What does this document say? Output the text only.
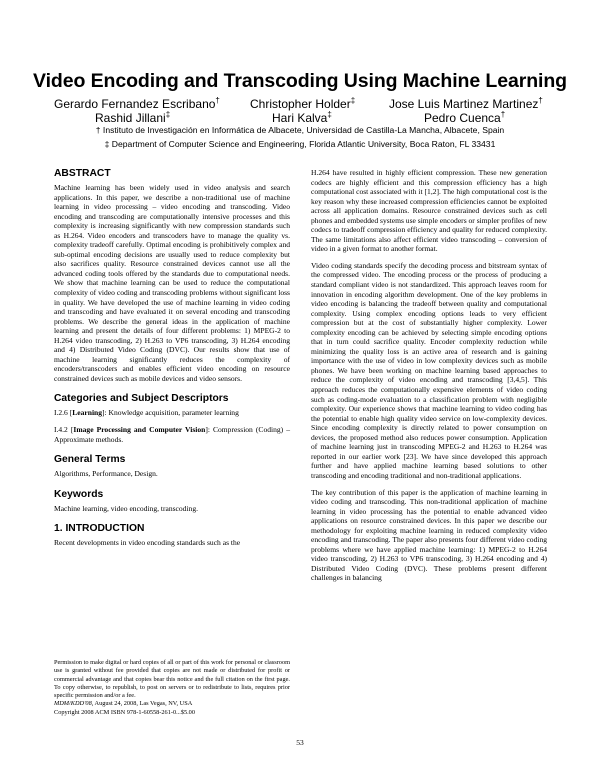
Video Encoding and Transcoding Using Machine Learning
Gerardo Fernandez Escribano†	Christopher Holder‡	Jose Luis Martinez Martinez†
Rashid Jillani‡	Hari Kalva‡	Pedro Cuenca†
† Instituto de Investigación en Informática de Albacete, Universidad de Castilla-La Mancha, Albacete, Spain
‡ Department of Computer Science and Engineering, Florida Atlantic University, Boca Raton, FL 33431
ABSTRACT

Machine learning has been widely used in video analysis and search applications. In this paper, we describe a non-traditional use of machine learning in video processing – video encoding and transcoding. Video encoding and transcoding are computationally intensive processes and this complexity is increasing significantly with new compression standards such as H.264. Video encoders and transcoders have to manage the quality vs. complexity tradeoff carefully. Optimal encoding is prohibitively complex and sub-optimal encoding decisions are usually used to reduce complexity but also sacrifices quality. Resource constrained devices cannot use all the advanced coding tools offered by the standards due to computational needs. We show that machine learning can be used to reduce the computational complexity of video coding and transcoding problems without significant loss in quality. We have developed the use of machine learning in video coding and transcoding and have evaluated it on several encoding and transcoding problems. We describe the general ideas in the application of machine learning and present the details of four different problems: 1) MPEG-2 to H.264 video transcoding, 2) H.263 to VP6 transcoding, 3) H.264 encoding and 4) Distributed Video Coding (DVC). Our results show that use of machine learning significantly reduces the complexity of encoders/transcoders and enables efficient video encoding on resource constrained devices such as mobile devices and video sensors.

Categories and Subject Descriptors

I.2.6 [Learning]: Knowledge acquisition, parameter learning

I.4.2 [Image Processing and Computer Vision]: Compression (Coding) – Approximate methods.

General Terms

Algorithms, Performance, Design.

Keywords

Machine learning, video encoding, transcoding.

1. INTRODUCTION

Recent developments in video encoding standards such as the

Permission to make digital or hard copies of all or part of this work for personal or classroom use is granted without fee provided that copies are not made or distributed for profit or commercial advantage and that copies bear this notice and the full citation on the first page. To copy otherwise, to republish, to post on servers or to redistribute to lists, requires prior specific permission and/or a fee.

MDM/KDD'08, August 24, 2008, Las Vegas, NV, USA

Copyright 2008 ACM ISBN 978-1-60558-261-0...$5.00

H.264 have resulted in highly efficient compression. These new generation codecs are highly efficient and this compression efficiency has a high computational cost associated with it [1,2]. The high computational cost is the key reason why these increased compression efficiencies cannot be exploited across all application domains. Resource constrained devices such as cell phones and embedded systems use simple encoders or simpler profiles of new codecs to tradeoff compression efficiency and quality for reduced complexity. The same limitations also affect efficient video transcoding – conversion of video in a given format to another format.

Video coding standards specify the decoding process and bitstream syntax of the compressed video. The encoding process or the process of producing a standard compliant video is not standardized. This approach leaves room for innovation in encoding algorithm development. One of the key problems in video encoding is balancing the tradeoff between quality and computational complexity. Using complex encoding options leads to very efficient compression but at the cost of substantially higher complexity. Lower complexity encoding can be achieved by selecting simple encoding options that in turn could sacrifice quality. Encoder complexity reduction while minimizing the quality loss is an active area of research and is gaining importance with the use of video in low complexity devices such as mobile phones. We have been working on machine learning based approaches to reduce the complexity of video encoding and transcoding [3,4,5]. This approach reduces the computationally expensive elements of video coding such as coding-mode evaluation to a classification problem with negligible complexity. Our experience shows that machine learning to video coding has the potential to enable high quality video service on low-complexity devices. Since encoding complexity is directly related to power consumption on devices, the proposed method also reduces power consumption. Application of machine learning just in transcoding MPEG-2 and H.263 to H.264 was reported in our earlier work [23]. We have since developed this approach further and have applied machine learning based solutions to other transcoding and encoding traditional and non-traditional applications.

The key contribution of this paper is the application of machine learning in video coding and transcoding. This non-traditional application of machine learning in video processing has the potential to enable advanced video applications on resource constrained devices. In this paper we describe our methodology for exploiting machine learning in reduced complexity video encoding and transcoding. The paper also presents four different video coding problems where we have applied machine learning: 1) MPEG-2 to H.264 video transcoding, 2) H.263 to VP6 transcoding, 3) H.264 encoding and 4) Distributed Video Coding (DVC). These problems present different challenges in balancing

53
